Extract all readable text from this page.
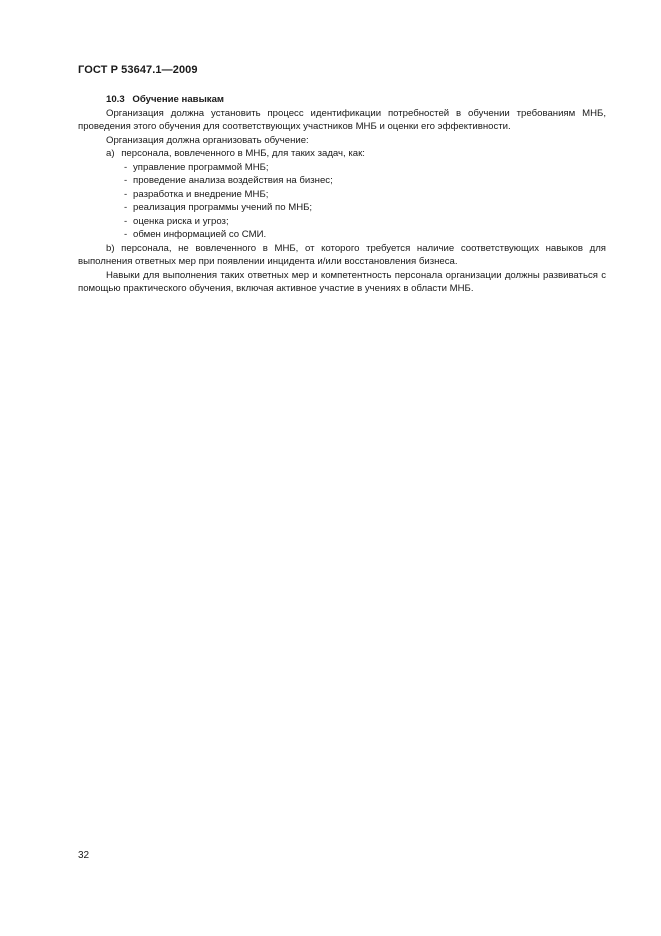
ГОСТ Р 53647.1—2009
10.3 Обучение навыкам
Организация должна установить процесс идентификации потребностей в обучении требованиям МНБ, проведения этого обучения для соответствующих участников МНБ и оценки его эффективности.
Организация должна организовать обучение:
a) персонала, вовлеченного в МНБ, для таких задач, как:
- управление программой МНБ;
- проведение анализа воздействия на бизнес;
- разработка и внедрение МНБ;
- реализация программы учений по МНБ;
- оценка риска и угроз;
- обмен информацией со СМИ.
b) персонала, не вовлеченного в МНБ, от которого требуется наличие соответствующих навыков для выполнения ответных мер при появлении инцидента и/или восстановления бизнеса.
Навыки для выполнения таких ответных мер и компетентность персонала организации должны развиваться с помощью практического обучения, включая активное участие в учениях в области МНБ.
32
